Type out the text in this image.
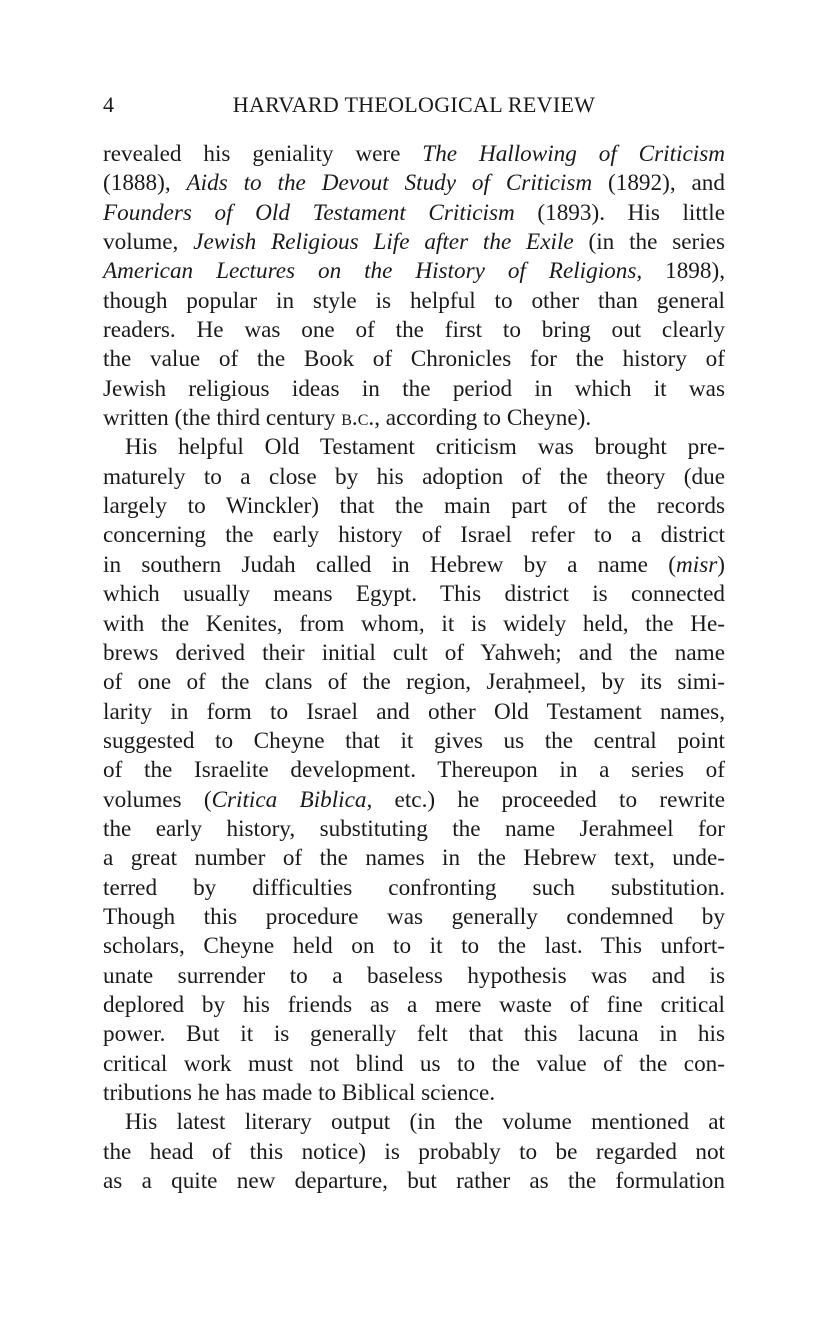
4	HARVARD THEOLOGICAL REVIEW
revealed his geniality were The Hallowing of Criticism
(1888), Aids to the Devout Study of Criticism (1892), and
Founders of Old Testament Criticism (1893). His little
volume, Jewish Religious Life after the Exile (in the series
American Lectures on the History of Religions, 1898),
though popular in style is helpful to other than general
readers. He was one of the first to bring out clearly
the value of the Book of Chronicles for the history of
Jewish religious ideas in the period in which it was
written (the third century b.c., according to Cheyne).
His helpful Old Testament criticism was brought pre-
maturely to a close by his adoption of the theory (due
largely to Winckler) that the main part of the records
concerning the early history of Israel refer to a district
in southern Judah called in Hebrew by a name (misr)
which usually means Egypt. This district is connected
with the Kenites, from whom, it is widely held, the He-
brews derived their initial cult of Yahweh; and the name
of one of the clans of the region, Jeraḥmeel, by its simi-
larity in form to Israel and other Old Testament names,
suggested to Cheyne that it gives us the central point
of the Israelite development. Thereupon in a series of
volumes (Critica Biblica, etc.) he proceeded to rewrite
the early history, substituting the name Jerahmeel for
a great number of the names in the Hebrew text, unde-
terred by difficulties confronting such substitution.
Though this procedure was generally condemned by
scholars, Cheyne held on to it to the last. This unfort-
unate surrender to a baseless hypothesis was and is
deplored by his friends as a mere waste of fine critical
power. But it is generally felt that this lacuna in his
critical work must not blind us to the value of the con-
tributions he has made to Biblical science.
His latest literary output (in the volume mentioned at
the head of this notice) is probably to be regarded not
as a quite new departure, but rather as the formulation
